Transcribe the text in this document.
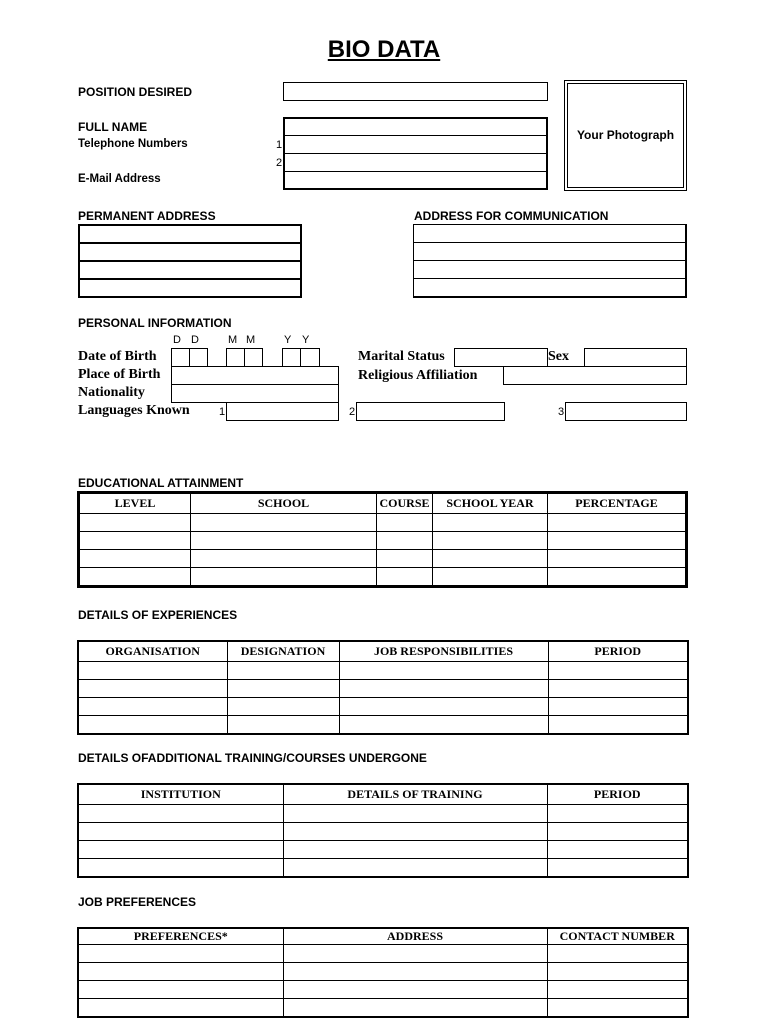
BIO DATA
POSITION DESIRED
FULL NAME
Telephone Numbers
E-Mail Address
1
2
Your Photograph
PERMANENT ADDRESS	ADDRESS FOR COMMUNICATION
PERSONAL INFORMATION
D D	M M	Y Y
Date of Birth
Place of Birth
Nationality
Languages Known	1	2	3
Marital Status	Sex
Religious Affiliation
EDUCATIONAL ATTAINMENT
LEVEL	SCHOOL	COURSE	SCHOOL YEAR	PERCENTAGE

DETAILS OF EXPERIENCES
ORGANISATION	DESIGNATION	JOB RESPONSIBILITIES	PERIOD

DETAILS OFADDITIONAL TRAINING/COURSES UNDERGONE
INSTITUTION	DETAILS OF TRAINING	PERIOD

JOB PREFERENCES
PREFERENCES*	ADDRESS	CONTACT NUMBER
